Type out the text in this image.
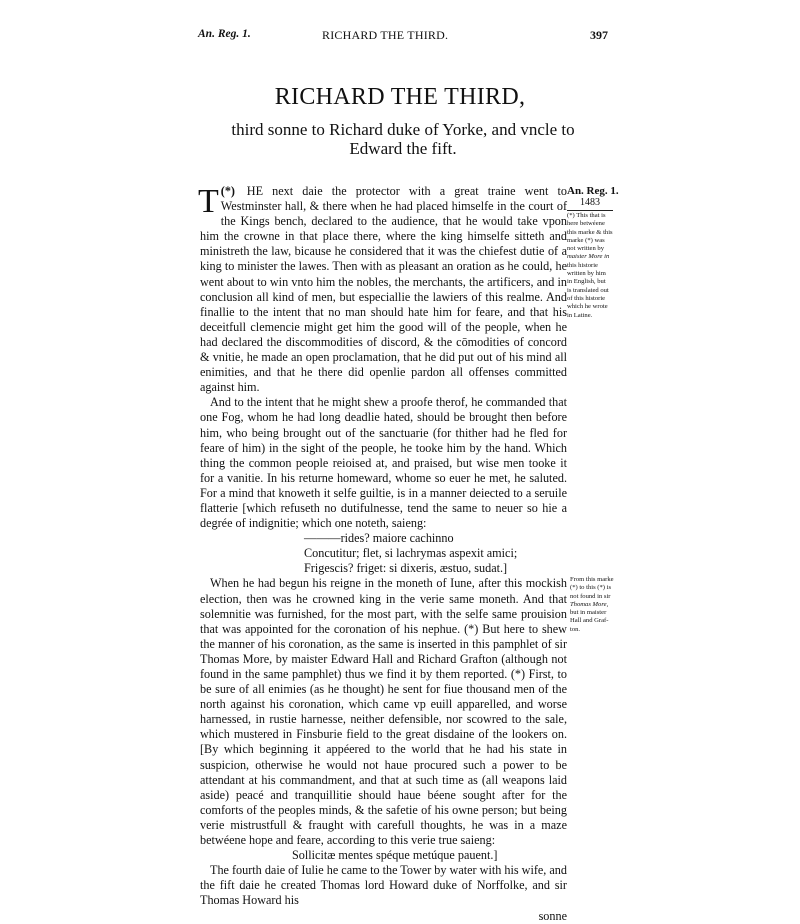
An. Reg. 1.	RICHARD THE THIRD.	397
RICHARD THE THIRD,
third sonne to Richard duke of Yorke, and vncle to
Edward the fift.

(*)
T HE next daie the protector with a great traine went to Westminster hall, & there when he had placed himselfe in the court of the Kings bench, declared to the audience, that he would take vpon him the crowne in that place there, where the king himselfe sitteth and ministreth the law, bicause he considered that it was the chiefest dutie of a king to minister the lawes. Then with as pleasant an oration as he could, he went about to win vnto him the nobles, the merchants, the artificers, and in conclusion all kind of men, but especiallie the lawiers of this realme. And finallie to the intent that no man should hate him for feare, and that his deceitfull clemencie might get him the good will of the people, when he had declared the discommodities of discord, & the cōmodities of concord & vnitie, he made an open proclamation, that he did put out of his mind all enimities, and that he there did openlie pardon all offenses committed against him.

And to the intent that he might shew a proofe therof, he commanded that one Fog, whom he had long deadlie hated, should be brought then before him, who being brought out of the sanctuarie (for thither had he fled for feare of him) in the sight of the people, he tooke him by the hand. Which thing the common people reioised at, and praised, but wise men tooke it for a vanitie. In his returne homeward, whome so euer he met, he saluted. For a mind that knoweth it selfe guiltie, is in a manner deiected to a seruile flatterie [which refuseth no dutifulnesse, tend the same to neuer so hie a degrée of indignitie; which one noteth, saieng:

———rides? maiore cachinno
Concutitur; flet, si lachrymas aspexit amici;
Frigescis? friget: si dixeris, æstuo, sudat.]

When he had begun his reigne in the moneth of Iune, after this mockish election, then was he crowned king in the verie same moneth. And that solemnitie was furnished, for the most part, with the selfe same prouision that was appointed for the coronation of his nephue. (*) But here to shew the manner of his coronation, as the same is inserted in this pamphlet of sir Thomas More, by maister Edward Hall and Richard Grafton (although not found in the same pamphlet) thus we find it by them reported. (*) First, to be sure of all enimies (as he thought) he sent for fiue thousand men of the north against his coronation, which came vp euill apparelled, and worse harnessed, in rustie harnesse, neither defensible, nor scowred to the sale, which mustered in Finsburie field to the great disdaine of the lookers on. [By which beginning it appéered to the world that he had his state in suspicion, otherwise he would not haue procured such a power to be attendant at his commandment, and that at such time as (all weapons laid aside) peacé and tranquillitie should haue béene sought after for the comforts of the peoples minds, & the safetie of his owne person; but being verie mistrustfull & fraught with carefull thoughts, he was in a maze betwéene hope and feare, according to this verie true saieng:

Sollicitæ mentes spéque metúque pauent.]

The fourth daie of Iulie he came to the Tower by water with his wife, and the fift daie he created Thomas lord Howard duke of Norffolke, and sir Thomas Howard his

sonne
An. Reg. 1.
1483
(*) This that is
here betwéene
this marke & this
marke (*) was
not written by
maister More in
this historie
written by him
in English, but
is translated out
of this historie
which he wrote
in Latine.
From this marke
(*) to this (*) is
not found in sir
Thomas More,
but in maister
Hall and Graf-
ton.
